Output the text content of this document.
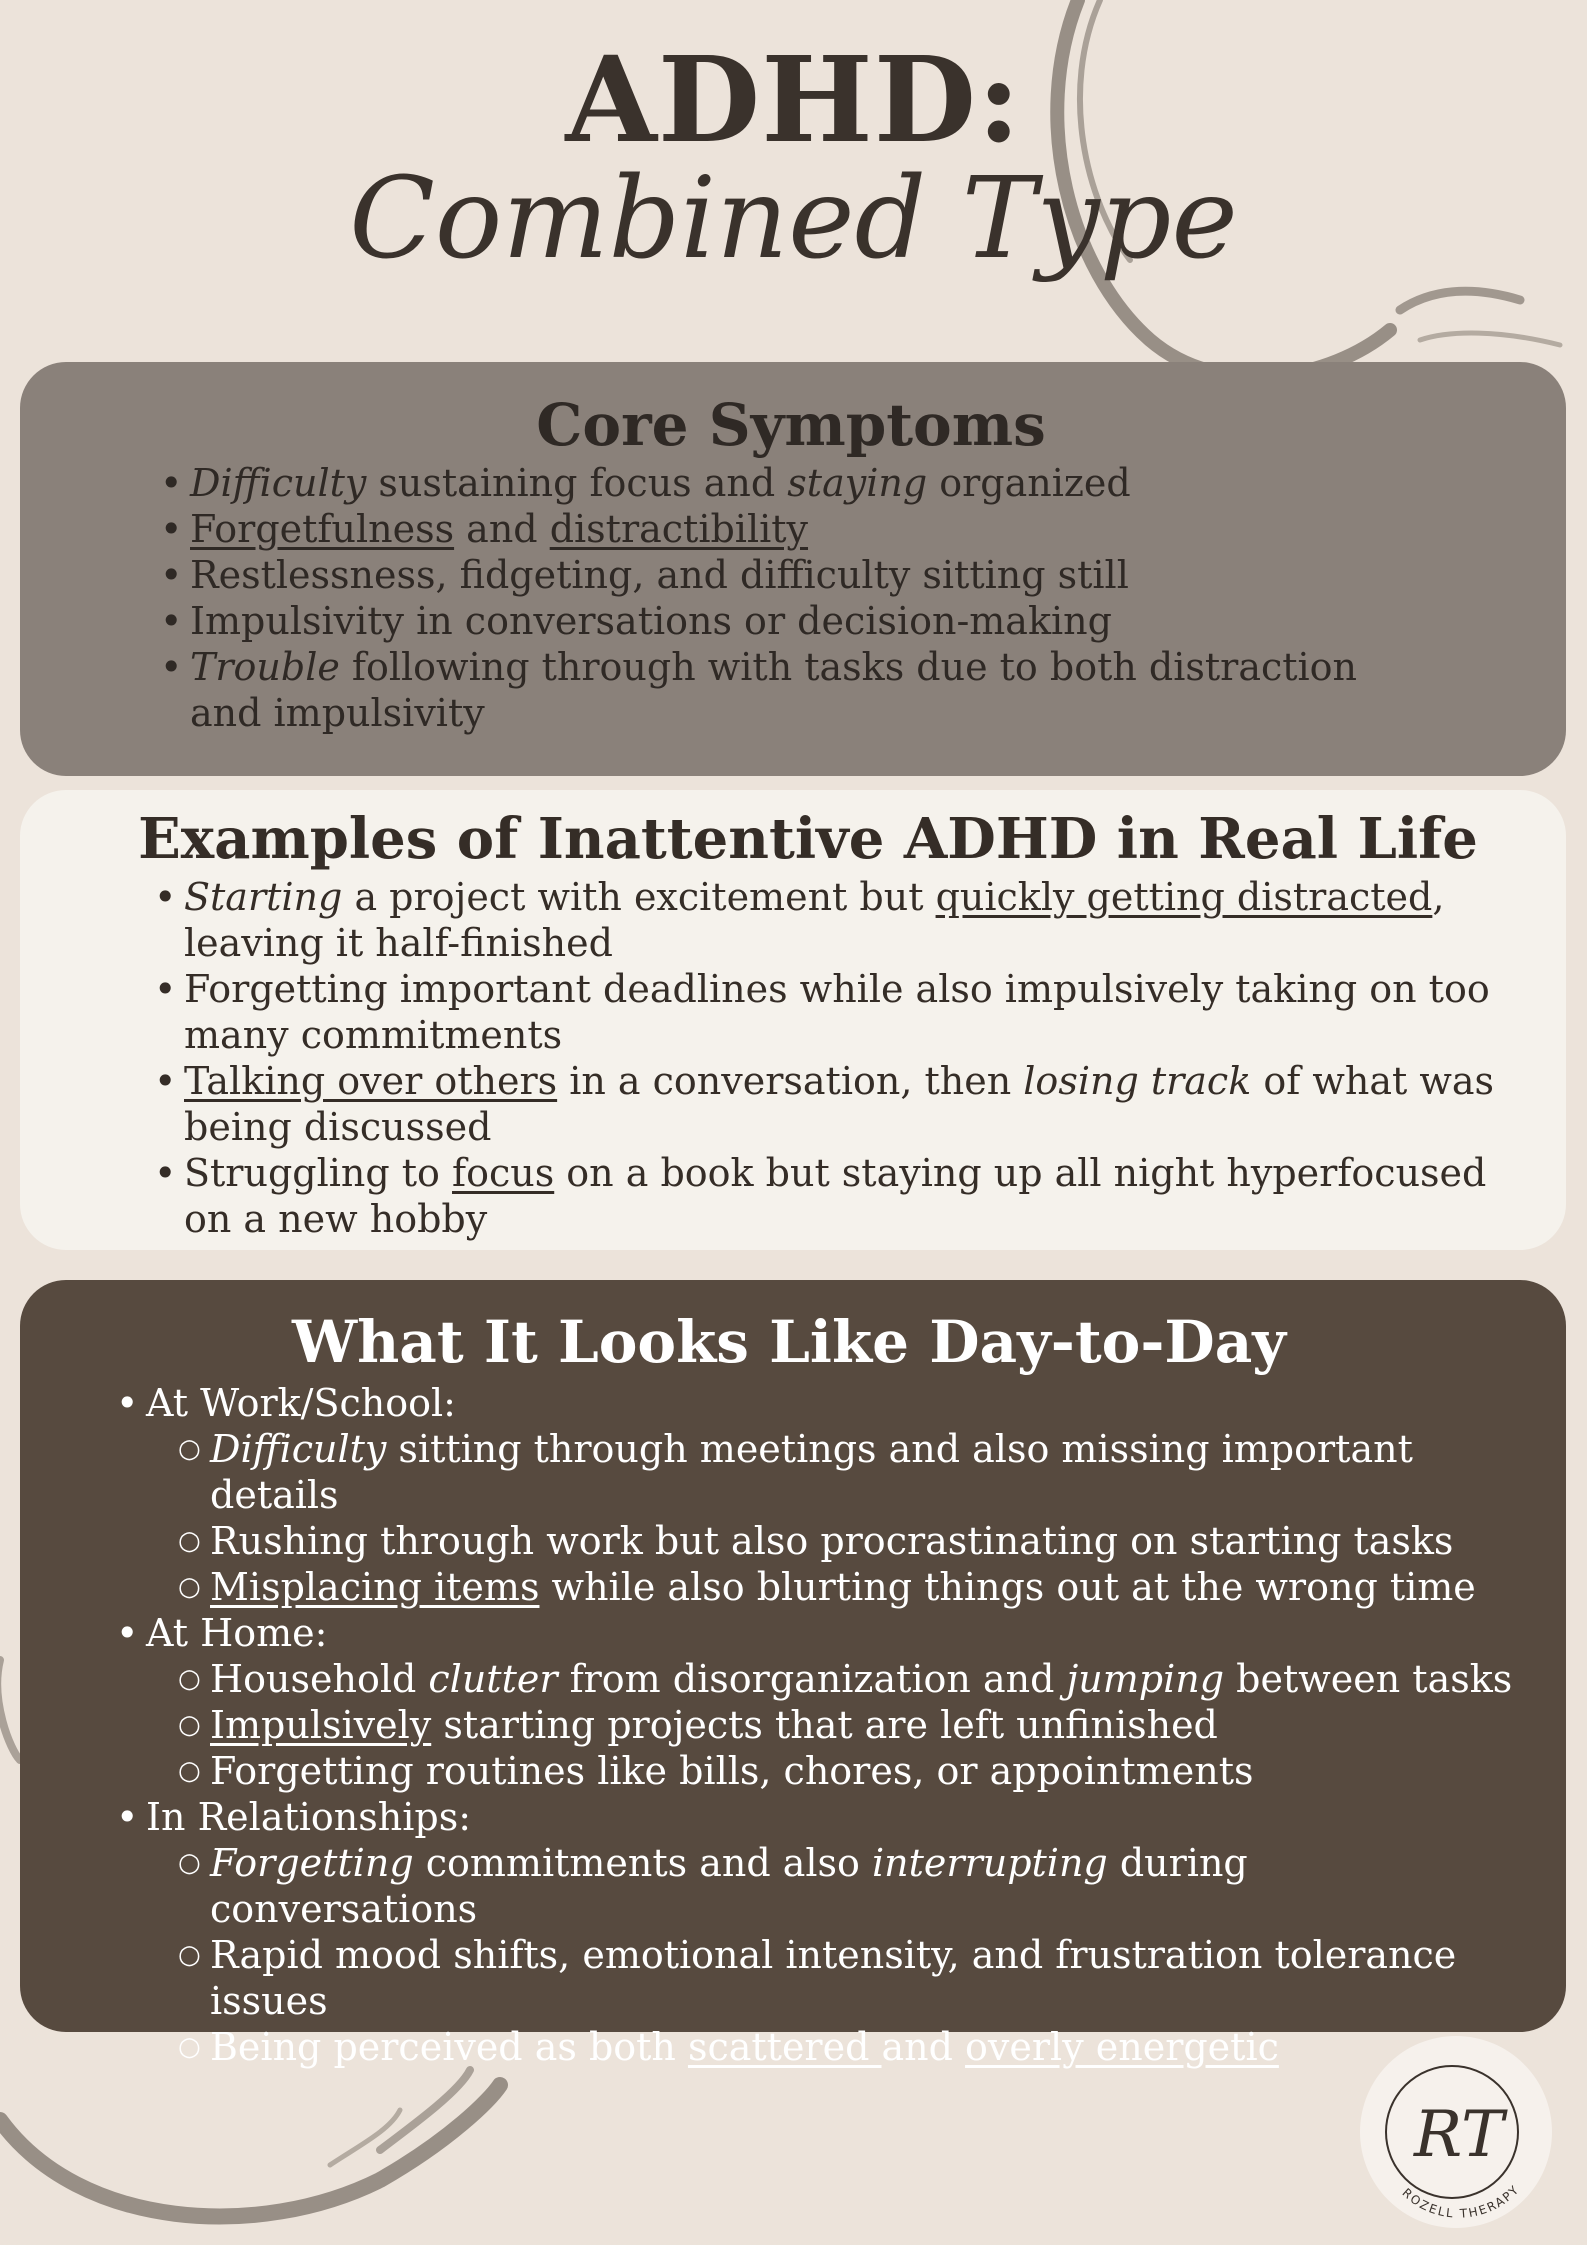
ADHD:
Combined Type
Core Symptoms
• Difficulty sustaining focus and staying organized
• Forgetfulness and distractibility
• Restlessness, fidgeting, and difficulty sitting still
• Impulsivity in conversations or decision-making
• Trouble following through with tasks due to both distraction and impulsivity
Examples of Inattentive ADHD in Real Life
• Starting a project with excitement but quickly getting distracted, leaving it half-finished
• Forgetting important deadlines while also impulsively taking on too many commitments
• Talking over others in a conversation, then losing track of what was being discussed
• Struggling to focus on a book but staying up all night hyperfocused on a new hobby
What It Looks Like Day-to-Day
• At Work/School:
○ Difficulty sitting through meetings and also missing important details
○ Rushing through work but also procrastinating on starting tasks
○ Misplacing items while also blurting things out at the wrong time
• At Home:
○ Household clutter from disorganization and jumping between tasks
○ Impulsively starting projects that are left unfinished
○ Forgetting routines like bills, chores, or appointments
• In Relationships:
○ Forgetting commitments and also interrupting during conversations
○ Rapid mood shifts, emotional intensity, and frustration tolerance issues
○ Being perceived as both scattered and overly energetic
RT
ROZELL THERAPY
